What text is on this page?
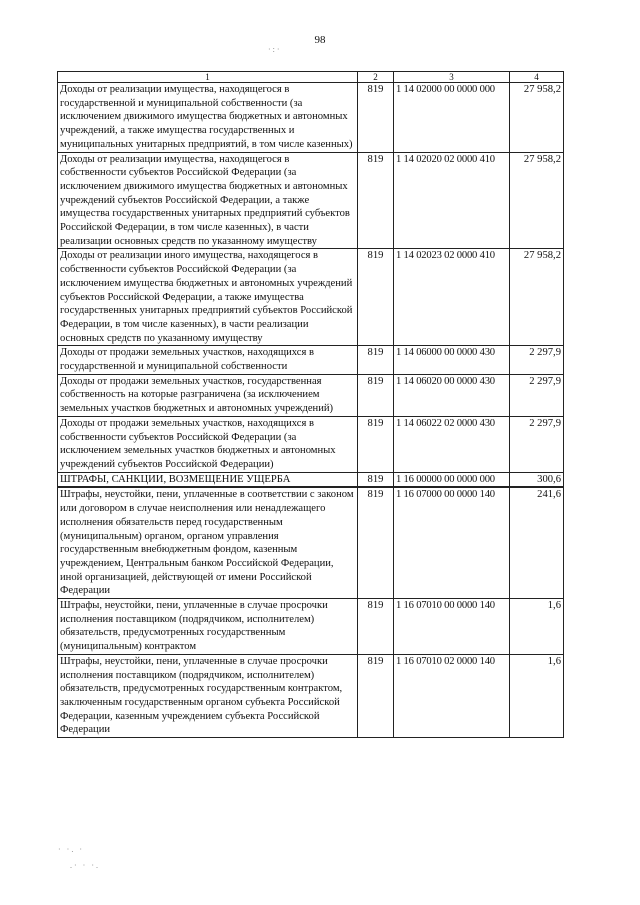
98
·:·
· ·. ·
.· · ·.
1	2	3	4
Доходы от реализации имущества, находящегося в государственной и муниципальной собственности (за исключением движимого имущества бюджетных и автономных учреждений, а также имущества государственных и муниципальных унитарных предприятий, в том числе казенных)	819	1 14 02000 00 0000 000	27 958,2
Доходы от реализации имущества, находящегося в собственности субъектов Российской Федерации (за исключением движимого имущества бюджетных и автономных учреждений субъектов Российской Федерации, а также имущества государственных унитарных предприятий субъектов Российской Федерации, в том числе казенных), в части реализации основных средств по указанному имуществу	819	1 14 02020 02 0000 410	27 958,2
Доходы от реализации иного имущества, находящегося в собственности субъектов Российской Федерации (за исключением имущества бюджетных и автономных учреждений субъектов Российской Федерации, а также имущества государственных унитарных предприятий субъектов Российской Федерации, в том числе казенных), в части реализации основных средств по указанному имуществу	819	1 14 02023 02 0000 410	27 958,2
Доходы от продажи земельных участков, находящихся в государственной и муниципальной собственности	819	1 14 06000 00 0000 430	2 297,9
Доходы от продажи земельных участков, государственная собственность на которые разграничена (за исключением земельных участков бюджетных и автономных учреждений)	819	1 14 06020 00 0000 430	2 297,9
Доходы от продажи земельных участков, находящихся в собственности субъектов Российской Федерации (за исключением земельных участков бюджетных и автономных учреждений субъектов Российской Федерации)	819	1 14 06022 02 0000 430	2 297,9
ШТРАФЫ, САНКЦИИ, ВОЗМЕЩЕНИЕ УЩЕРБА	819	1 16 00000 00 0000 000	300,6
Штрафы, неустойки, пени, уплаченные в соответствии с законом или договором в случае неисполнения или ненадлежащего исполнения обязательств перед государственным (муниципальным) органом, органом управления государственным внебюджетным фондом, казенным учреждением, Центральным банком Российской Федерации, иной организацией, действующей от имени Российской Федерации	819	1 16 07000 00 0000 140	241,6
Штрафы, неустойки, пени, уплаченные в случае просрочки исполнения поставщиком (подрядчиком, исполнителем) обязательств, предусмотренных государственным (муниципальным) контрактом	819	1 16 07010 00 0000 140	1,6
Штрафы, неустойки, пени, уплаченные в случае просрочки исполнения поставщиком (подрядчиком, исполнителем) обязательств, предусмотренных государственным контрактом, заключенным государственным органом субъекта Российской Федерации, казенным учреждением субъекта Российской Федерации	819	1 16 07010 02 0000 140	1,6
